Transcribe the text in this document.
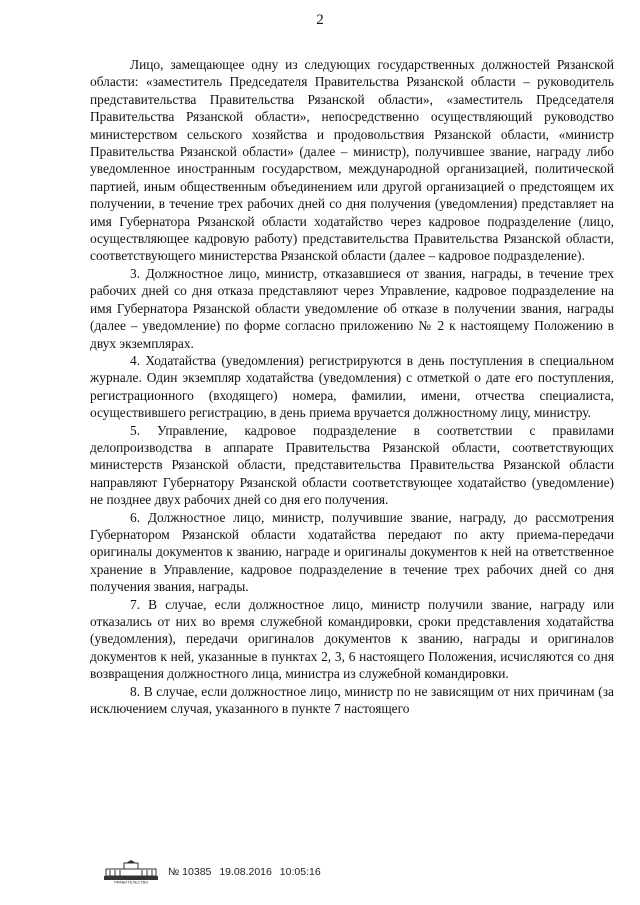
2

Лицо, замещающее одну из следующих государственных должностей Рязанской области: «заместитель Председателя Правительства Рязанской области – руководитель представительства Правительства Рязанской области», «заместитель Председателя Правительства Рязанской области», непосредственно осуществляющий руководство министерством сельского хозяйства и продовольствия Рязанской области, «министр Правительства Рязанской области» (далее – министр), получившее звание, награду либо уведомленное иностранным государством, международной организацией, политической партией, иным общественным объединением или другой организацией о предстоящем их получении, в течение трех рабочих дней со дня получения (уведомления) представляет на имя Губернатора Рязанской области ходатайство через кадровое подразделение (лицо, осуществляющее кадровую работу) представительства Правительства Рязанской области, соответствующего министерства Рязанской области (далее – кадровое подразделение).

3. Должностное лицо, министр, отказавшиеся от звания, награды, в течение трех рабочих дней со дня отказа представляют через Управление, кадровое подразделение на имя Губернатора Рязанской области уведомление об отказе в получении звания, награды (далее – уведомление) по форме согласно приложению № 2 к настоящему Положению в двух экземплярах.

4. Ходатайства (уведомления) регистрируются в день поступления в специальном журнале. Один экземпляр ходатайства (уведомления) с отметкой о дате его поступления, регистрационного (входящего) номера, фамилии, имени, отчества специалиста, осуществившего регистрацию, в день приема вручается должностному лицу, министру.

5. Управление, кадровое подразделение в соответствии с правилами делопроизводства в аппарате Правительства Рязанской области, соответствующих министерств Рязанской области, представительства Правительства Рязанской области направляют Губернатору Рязанской области соответствующее ходатайство (уведомление) не позднее двух рабочих дней со дня его получения.

6. Должностное лицо, министр, получившие звание, награду, до рассмотрения Губернатором Рязанской области ходатайства передают по акту приема-передачи оригиналы документов к званию, награде и оригиналы документов к ней на ответственное хранение в Управление, кадровое подразделение в течение трех рабочих дней со дня получения звания, награды.

7. В случае, если должностное лицо, министр получили звание, награду или отказались от них во время служебной командировки, сроки представления ходатайства (уведомления), передачи оригиналов документов к званию, награды и оригиналов документов к ней, указанные в пунктах 2, 3, 6 настоящего Положения, исчисляются со дня возвращения должностного лица, министра из служебной командировки.

8. В случае, если должностное лицо, министр по не зависящим от них причинам (за исключением случая, указанного в пункте 7 настоящего

ПРАВИТЕЛЬСТВО
№ 10385 19.08.2016 10:05:16
